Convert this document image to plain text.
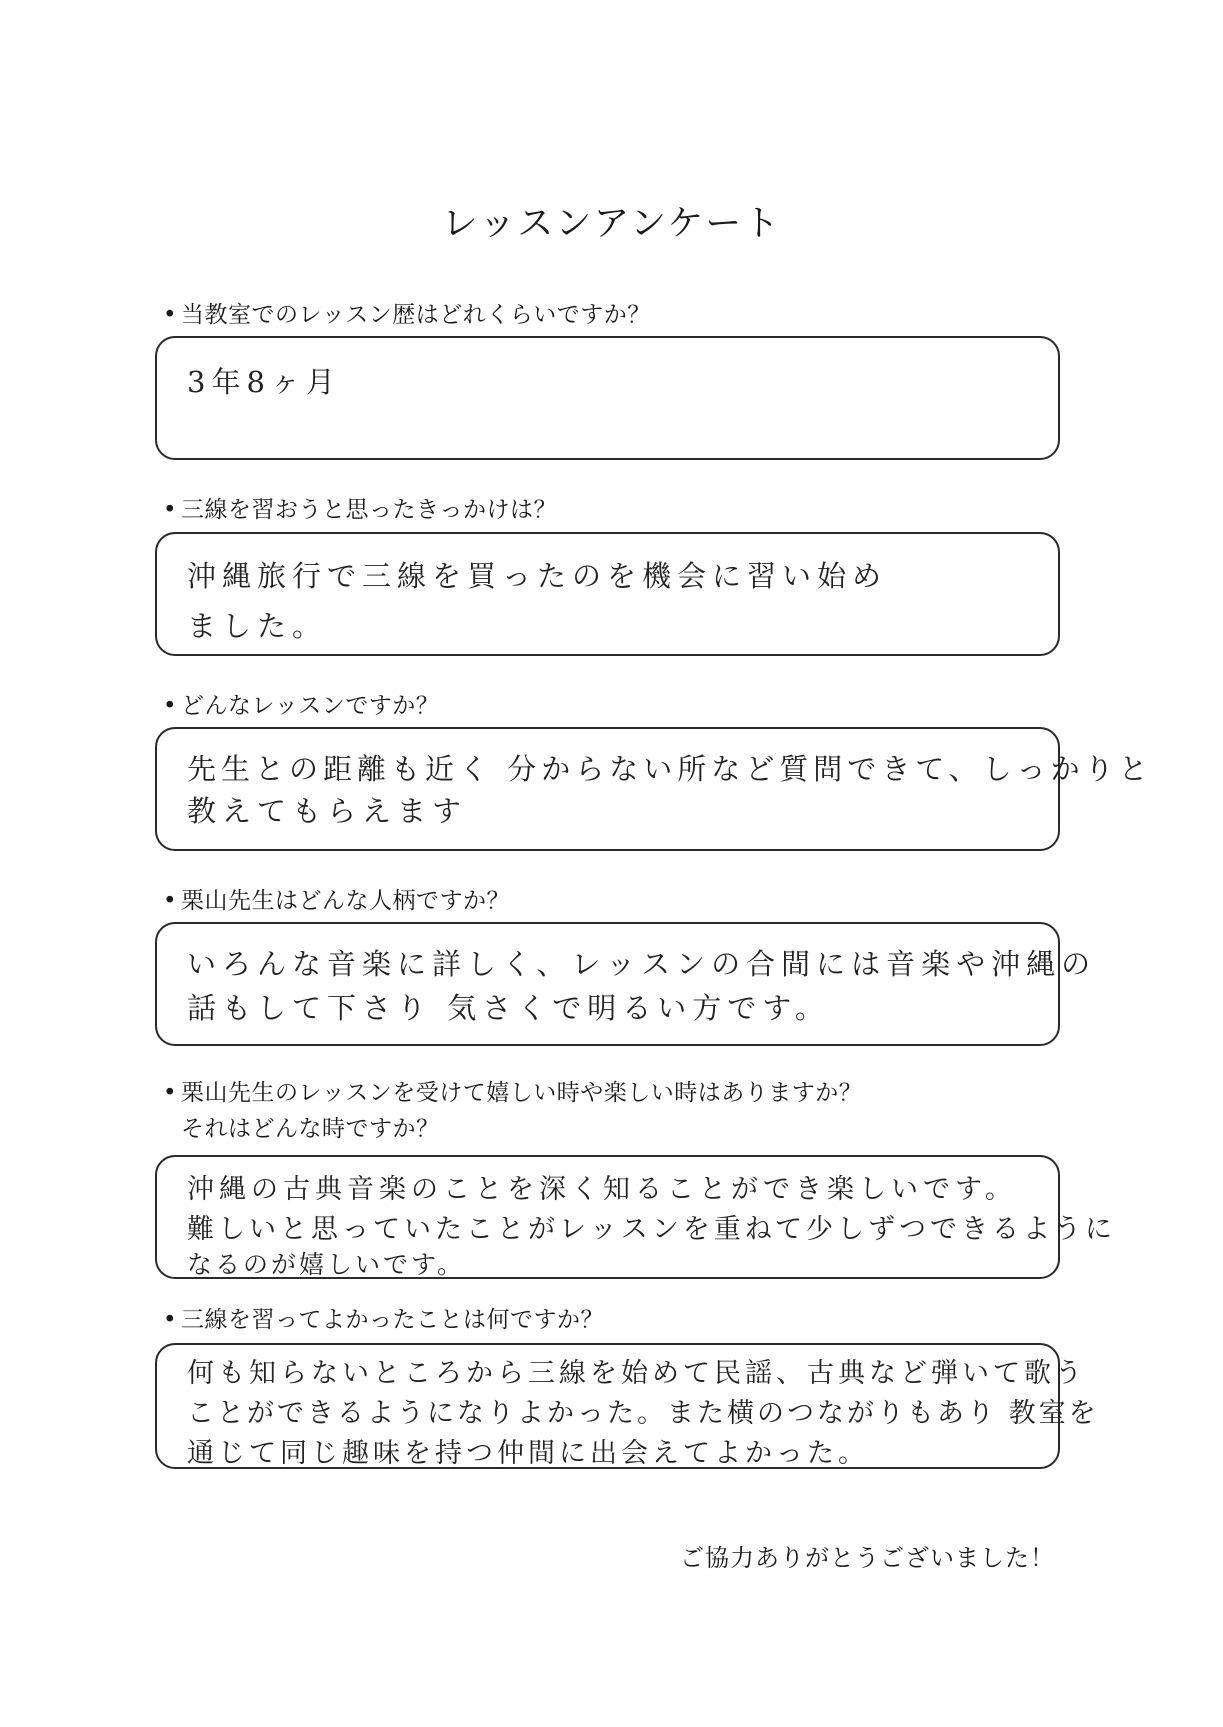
レッスンアンケート
• 当教室でのレッスン歴はどれくらいですか？
3年8ヶ月
• 三線を習おうと思ったきっかけは？
沖縄旅行で三線を買ったのを機会に習い始め
ました。
• どんなレッスンですか？
先生との距離も近く 分からない所など質問できて、しっかりと
教えてもらえます
• 栗山先生はどんな人柄ですか？
いろんな音楽に詳しく、レッスンの合間には音楽や沖縄の
話もして下さり 気さくで明るい方です。
• 栗山先生のレッスンを受けて嬉しい時や楽しい時はありますか？
それはどんな時ですか？
沖縄の古典音楽のことを深く知ることができ楽しいです。
難しいと思っていたことがレッスンを重ねて少しずつできるように
なるのが嬉しいです。
• 三線を習ってよかったことは何ですか？
何も知らないところから三線を始めて民謡、古典など弾いて歌う
ことができるようになりよかった。また横のつながりもあり 教室を
通じて同じ趣味を持つ仲間に出会えてよかった。
ご協力ありがとうございました！
